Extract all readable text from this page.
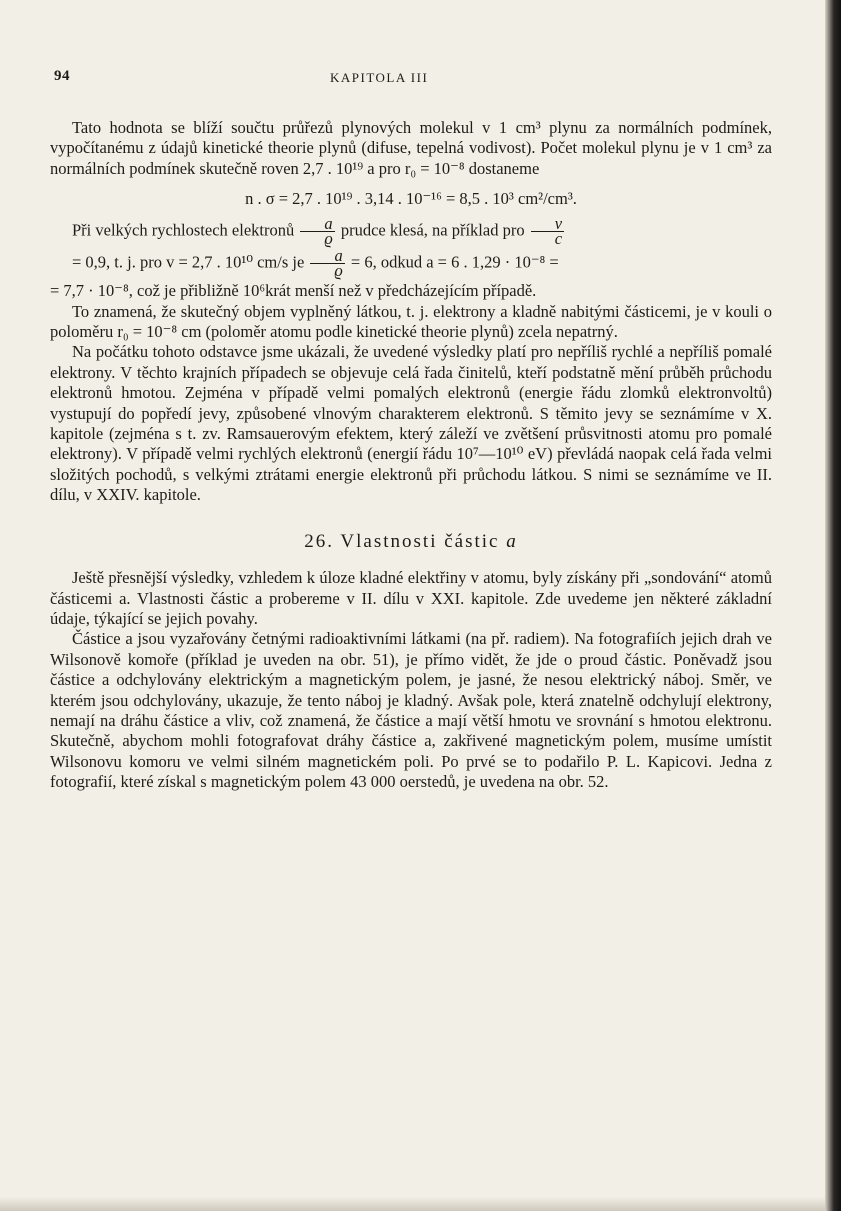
94	KAPITOLA III

Tato hodnota se blíží součtu průřezů plynových molekul v 1 cm³ plynu za normálních podmínek, vypočítanému z údajů kinetické theorie plynů (difuse, tepelná vodivost). Počet molekul plynu je v 1 cm³ za normálních podmínek skutečně roven 2,7 . 10¹⁹ a pro r₀ = 10⁻⁸ dostaneme

n . σ = 2,7 . 10¹⁹ . 3,14 . 10⁻¹⁶ = 8,5 . 10³ cm²/cm³.

Při velkých rychlostech elektronů $\frac{a}{ϱ}$ prudce klesá, na příklad pro $\frac{v}{c}$
= 0,9, t. j. pro v = 2,7 . 10¹⁰ cm/s je $\frac{a}{ϱ} = 6$, odkud a = 6 . 1,29 · 10⁻⁸ =
= 7,7 · 10⁻⁸, což je přibližně 10⁶krát menší než v předcházejícím případě.

To znamená, že skutečný objem vyplněný látkou, t. j. elektrony a kladně nabitými částicemi, je v kouli o poloměru r₀ = 10⁻⁸ cm (poloměr atomu podle kinetické theorie plynů) zcela nepatrný.

Na počátku tohoto odstavce jsme ukázali, že uvedené výsledky platí pro nepříliš rychlé a nepříliš pomalé elektrony. V těchto krajních případech se objevuje celá řada činitelů, kteří podstatně mění průběh průchodu elektronů hmotou. Zejména v případě velmi pomalých elektronů (energie řádu zlomků elektronvoltů) vystupují do popředí jevy, způsobené vlnovým charakterem elektronů. S těmito jevy se seznámíme v X. kapitole (zejména s t. zv. Ramsauerovým efektem, který záleží ve zvětšení průsvitnosti atomu pro pomalé elektrony). V případě velmi rychlých elektronů (energií řádu 10⁷—10¹⁰ eV) převládá naopak celá řada velmi složitých pochodů, s velkými ztrátami energie elektronů při průchodu látkou. S nimi se seznámíme ve II. dílu, v XXIV. kapitole.

26. Vlastnosti částic a

Ještě přesnější výsledky, vzhledem k úloze kladné elektřiny v atomu, byly získány při „sondování“ atomů částicemi a. Vlastnosti částic a probereme v II. dílu v XXI. kapitole. Zde uvedeme jen některé základní údaje, týkající se jejich povahy.

Částice a jsou vyzařovány četnými radioaktivními látkami (na př. radiem). Na fotografiích jejich drah ve Wilsonově komoře (příklad je uveden na obr. 51), je přímo vidět, že jde o proud částic. Poněvadž jsou částice a odchylovány elektrickým a magnetickým polem, je jasné, že nesou elektrický náboj. Směr, ve kterém jsou odchylovány, ukazuje, že tento náboj je kladný. Avšak pole, která znatelně odchylují elektrony, nemají na dráhu částice a vliv, což znamená, že částice a mají větší hmotu ve srovnání s hmotou elektronu. Skutečně, abychom mohli fotografovat dráhy částice a, zakřivené magnetickým polem, musíme umístit Wilsonovu komoru ve velmi silném magnetickém poli. Po prvé se to podařilo P. L. Kapicovi. Jedna z fotografií, které získal s magnetickým polem 43 000 oerstedů, je uvedena na obr. 52.
